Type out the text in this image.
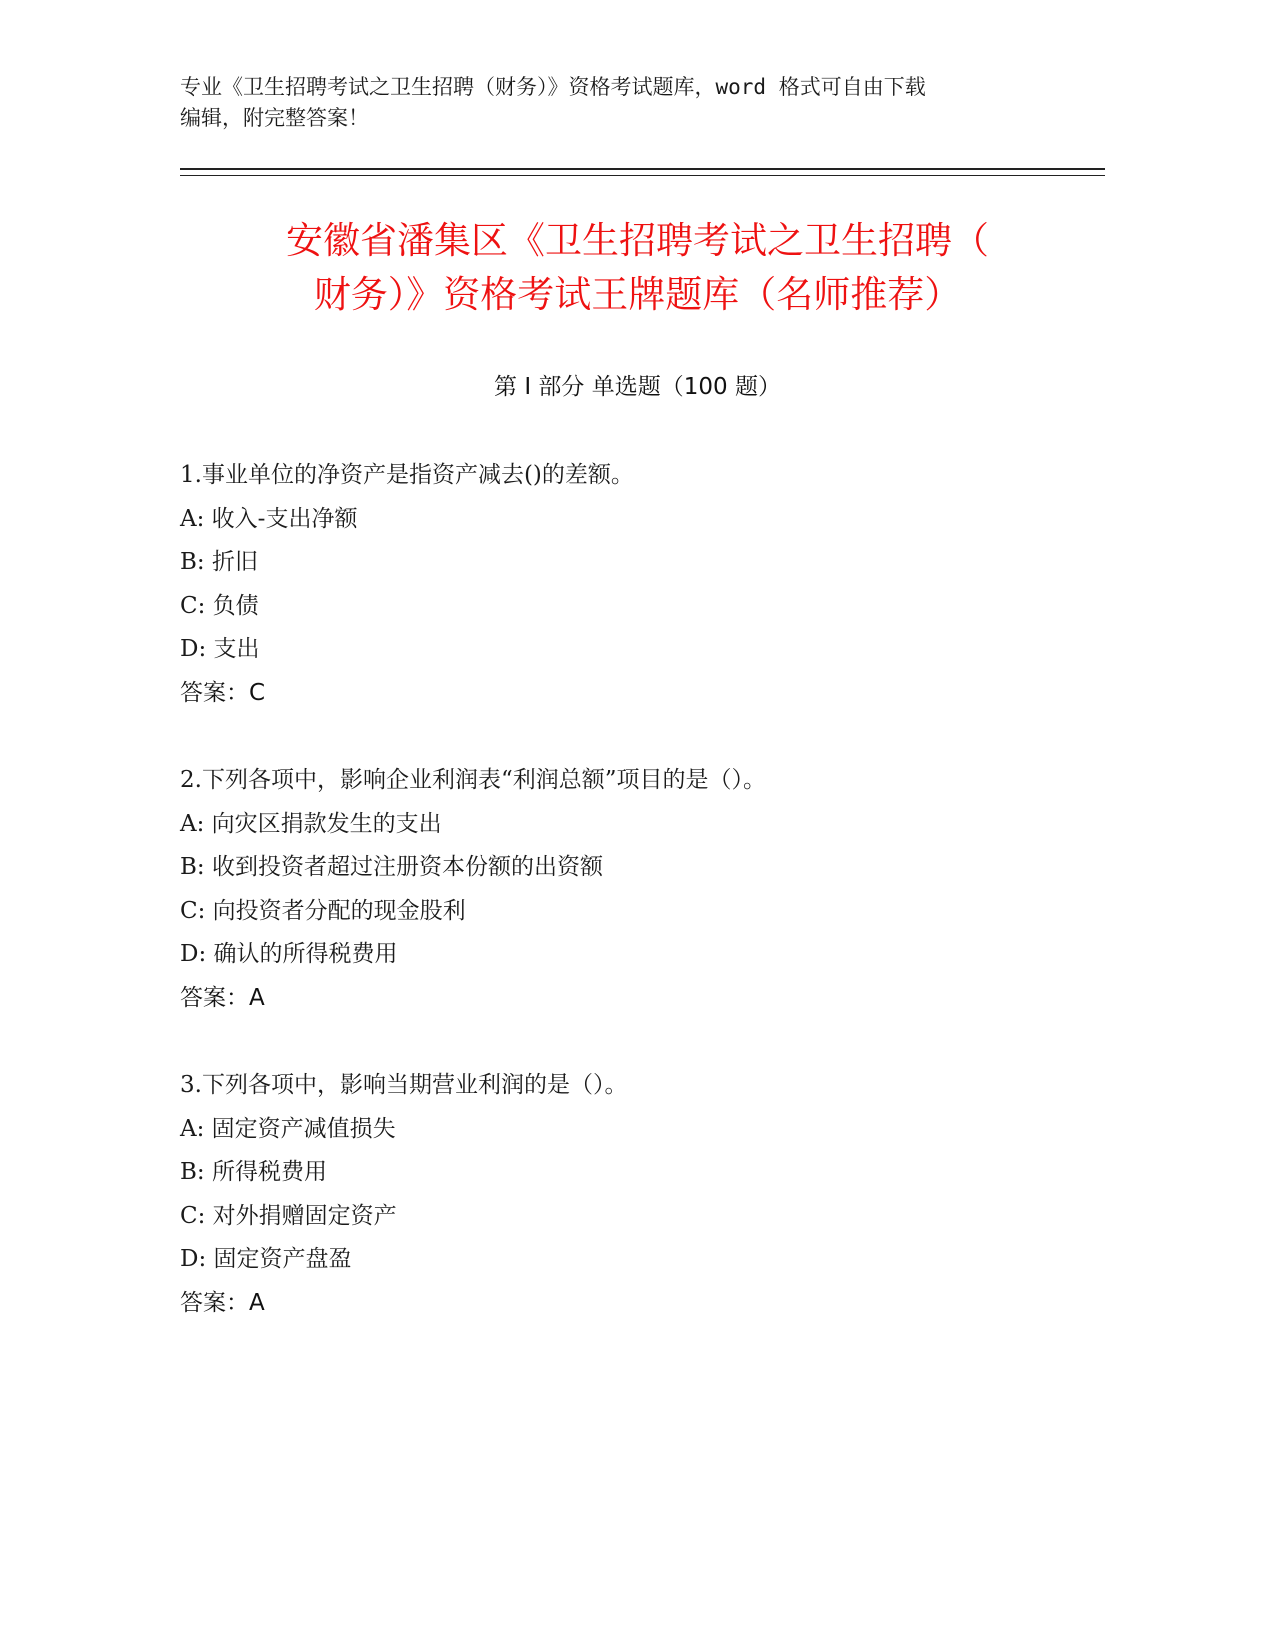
专业《卫生招聘考试之卫生招聘（财务）》资格考试题库，word 格式可自由下载
编辑，附完整答案！
安徽省潘集区《卫生招聘考试之卫生招聘（
财务）》资格考试王牌题库（名师推荐）
第 I 部分 单选题（100 题）
1.事业单位的净资产是指资产减去()的差额。
A: 收入-支出净额
B: 折旧
C: 负债
D: 支出
答案：C
2.下列各项中，影响企业利润表“利润总额”项目的是（）。
A: 向灾区捐款发生的支出
B: 收到投资者超过注册资本份额的出资额
C: 向投资者分配的现金股利
D: 确认的所得税费用
答案：A
3.下列各项中，影响当期营业利润的是（）。
A: 固定资产减值损失
B: 所得税费用
C: 对外捐赠固定资产
D: 固定资产盘盈
答案：A
